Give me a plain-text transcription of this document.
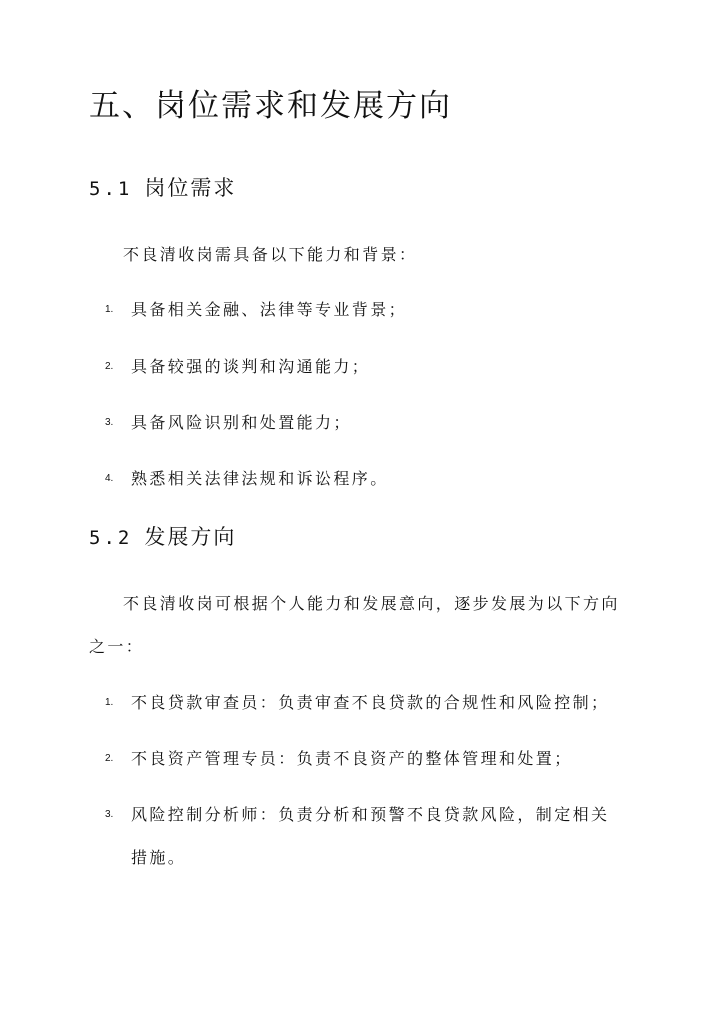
五、岗位需求和发展方向
5.1 岗位需求

不良清收岗需具备以下能力和背景：

1. 具备相关金融、法律等专业背景；
2. 具备较强的谈判和沟通能力；
3. 具备风险识别和处置能力；
4. 熟悉相关法律法规和诉讼程序。
5.2 发展方向

不良清收岗可根据个人能力和发展意向，逐步发展为以下方向

之一：

1. 不良贷款审查员：负责审查不良贷款的合规性和风险控制；
2. 不良资产管理专员：负责不良资产的整体管理和处置；
3. 风险控制分析师：负责分析和预警不良贷款风险，制定相关

措施。
